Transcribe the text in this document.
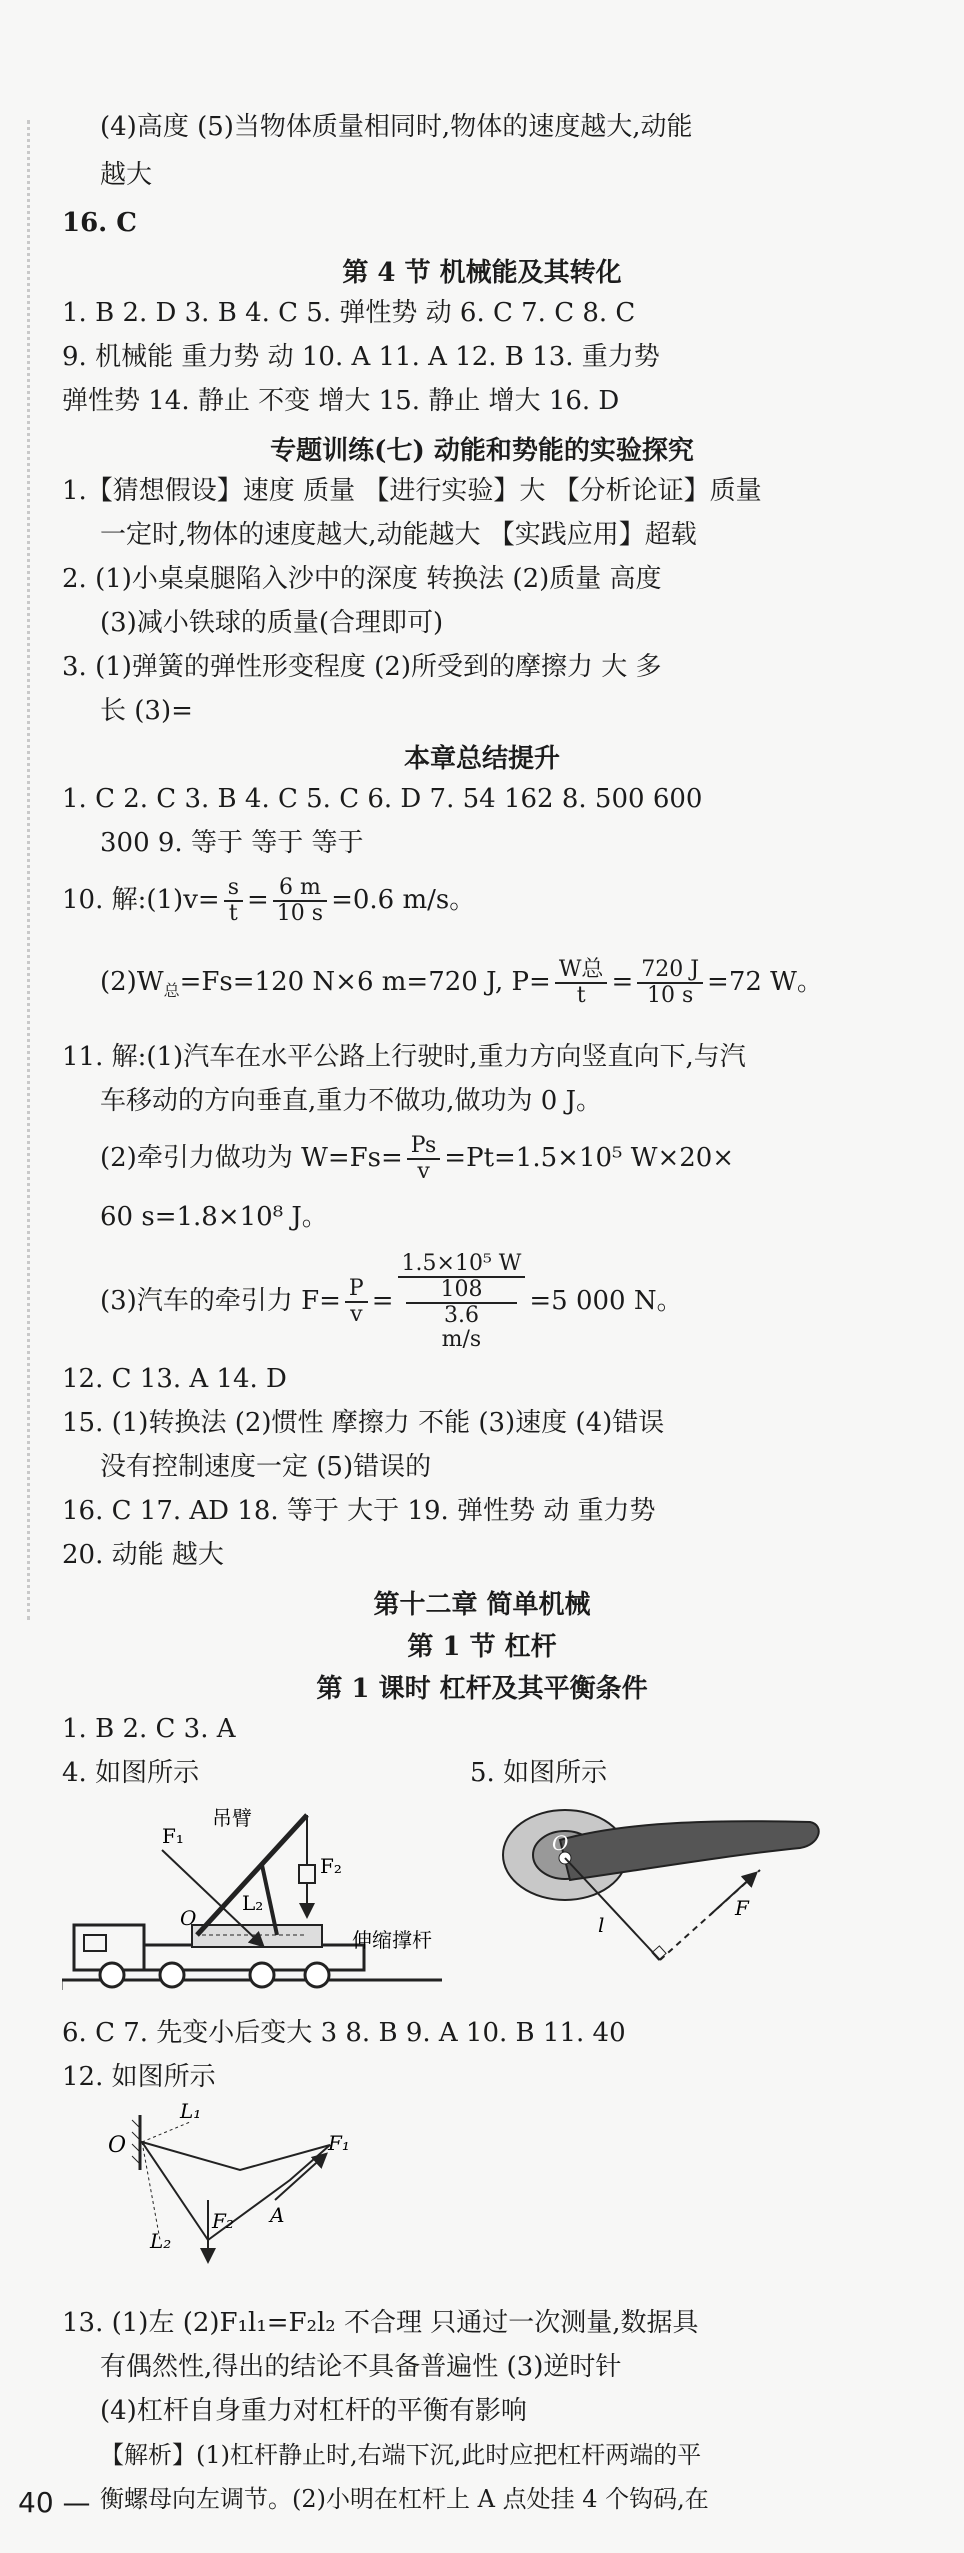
(4)高度 (5)当物体质量相同时,物体的速度越大,动能
越大
16. C
第 4 节 机械能及其转化
1. B 2. D 3. B 4. C 5. 弹性势 动 6. C 7. C 8. C
9. 机械能 重力势 动 10. A 11. A 12. B 13. 重力势
弹性势 14. 静止 不变 增大 15. 静止 增大 16. D
专题训练(七) 动能和势能的实验探究
1.【猜想假设】速度 质量 【进行实验】大 【分析论证】质量
一定时,物体的速度越大,动能越大 【实践应用】超载
2. (1)小桌桌腿陷入沙中的深度 转换法 (2)质量 高度
(3)减小铁球的质量(合理即可)
3. (1)弹簧的弹性形变程度 (2)所受到的摩擦力 大 多
长 (3)=
本章总结提升
1. C 2. C 3. B 4. C 5. C 6. D 7. 54 162 8. 500 600
300 9. 等于 等于 等于
10. 解:(1)v= $\frac{s}{t} = \frac{6 m}{10 s} =0.6$ m/s。
$(2)W_总=Fs=120$ N×6 m=720 J, $P= \frac{\text{W总}}{t} = \frac{720 J}{10 s} =72$ W。
11. 解:(1)汽车在水平公路上行驶时,重力方向竖直向下,与汽
车移动的方向垂直,重力不做功,做功为 0 J。
(2)牵引力做功为 $W=Fs= \frac{Ps}{v} =Pt=1.5\times 10^5$ W×20×
60 s=1.8×10⁸ J。
(3)汽车的牵引力 $F= \frac{P}{v} = 1.5\times 10^5$ W
108
3.6
m/s =5 000 N。
12. C 13. A 14. D
15. (1)转换法 (2)惯性 摩擦力 不能 (3)速度 (4)错误
没有控制速度一定 (5)错误的
16. C 17. AD 18. 等于 大于 19. 弹性势 动 重力势
20. 动能 越大
第十二章 简单机械
第 1 节 杠杆
第 1 课时 杠杆及其平衡条件
1. B 2. C 3. A
4. 如图所示	5. 如图所示
F₁
吊臂
F₂
L₂
O
伸缩撑杆
O
l
F
6. C 7. 先变小后变大 3 8. B 9. A 10. B 11. 40
12. 如图所示
O
L₁
F₁
L₂
F₂ A
13. (1)左 (2)F₁l₁=F₂l₂ 不合理 只通过一次测量,数据具
有偶然性,得出的结论不具备普遍性 (3)逆时针
(4)杠杆自身重力对杠杆的平衡有影响
【解析】(1)杠杆静止时,右端下沉,此时应把杠杆两端的平
衡螺母向左调节。(2)小明在杠杆上 A 点处挂 4 个钩码,在
40 —
